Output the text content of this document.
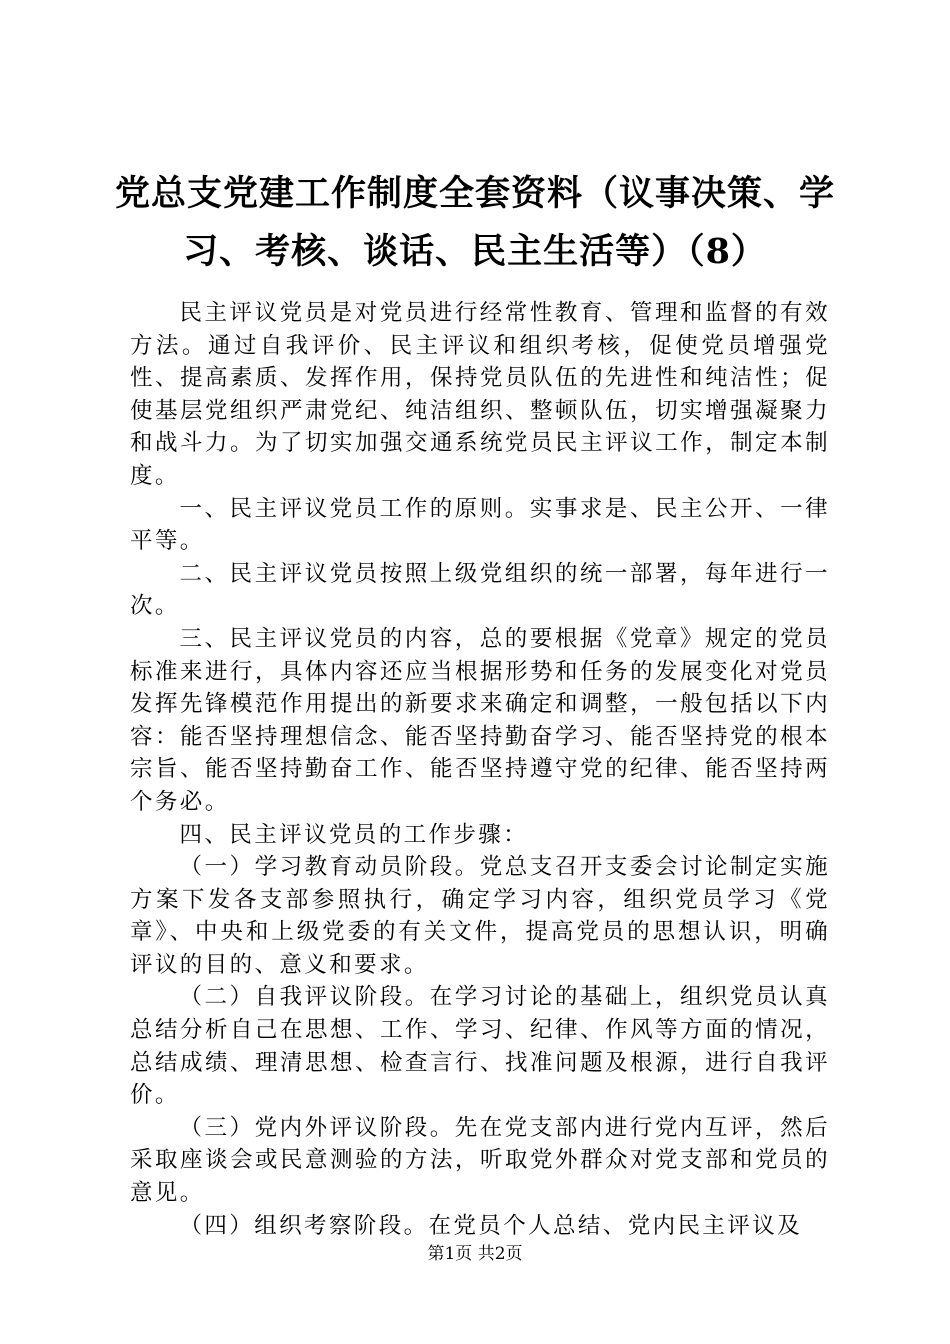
党总支党建工作制度全套资料（议事决策、学
习、考核、谈话、民主生活等）（8）

民主评议党员是对党员进行经常性教育、管理和监督的有效方法。通过自我评价、民主评议和组织考核，促使党员增强党性、提高素质、发挥作用，保持党员队伍的先进性和纯洁性；促使基层党组织严肃党纪、纯洁组织、整顿队伍，切实增强凝聚力和战斗力。为了切实加强交通系统党员民主评议工作，制定本制度。

一、民主评议党员工作的原则。实事求是、民主公开、一律平等。

二、民主评议党员按照上级党组织的统一部署，每年进行一次。

三、民主评议党员的内容，总的要根据《党章》规定的党员标准来进行，具体内容还应当根据形势和任务的发展变化对党员发挥先锋模范作用提出的新要求来确定和调整，一般包括以下内容：能否坚持理想信念、能否坚持勤奋学习、能否坚持党的根本宗旨、能否坚持勤奋工作、能否坚持遵守党的纪律、能否坚持两个务必。

四、民主评议党员的工作步骤：

（一）学习教育动员阶段。党总支召开支委会讨论制定实施方案下发各支部参照执行，确定学习内容，组织党员学习《党章》、中央和上级党委的有关文件，提高党员的思想认识，明确评议的目的、意义和要求。

（二）自我评议阶段。在学习讨论的基础上，组织党员认真总结分析自己在思想、工作、学习、纪律、作风等方面的情况，总结成绩、理清思想、检查言行、找准问题及根源，进行自我评价。

（三）党内外评议阶段。先在党支部内进行党内互评，然后采取座谈会或民意测验的方法，听取党外群众对党支部和党员的意见。

（四）组织考察阶段。在党员个人总结、党内民主评议及

第1页 共2页
